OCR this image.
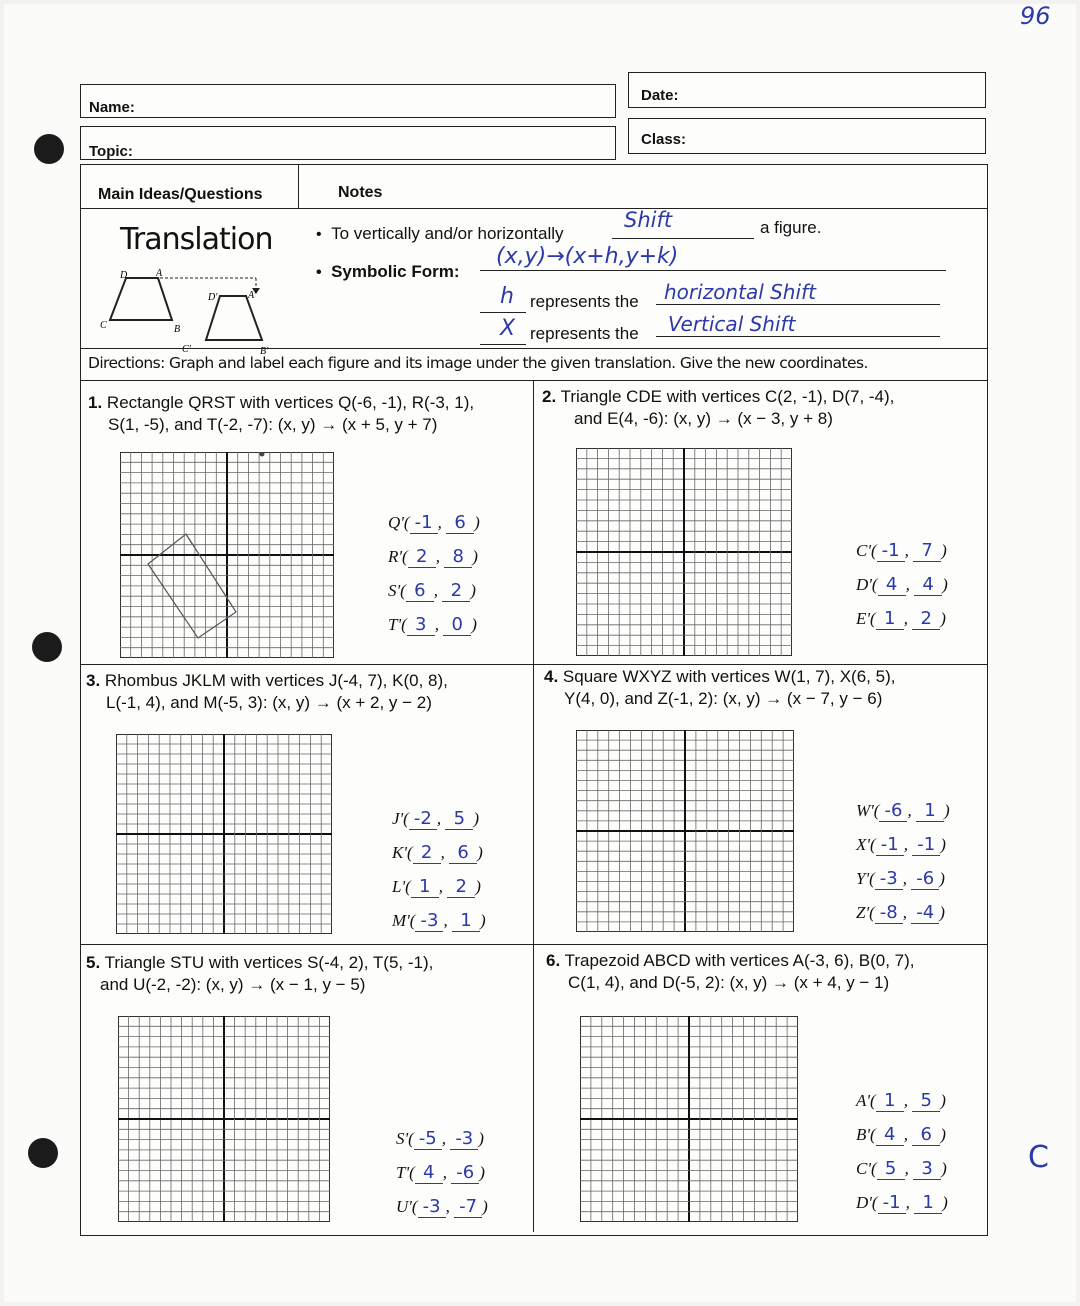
96
Name:
Topic:
Date:
Class:
Main Ideas/Questions	Notes
Translation
D	A
C	B
D'	A'
C'	B'
• To vertically and/or horizontally
Shift	a figure.
• Symbolic Form:
(x,y)→(x+h,y+k)
h represents the horizontal Shift
X represents the Vertical Shift
Directions: Graph and label each figure and its image under the given translation. Give the new coordinates.
1. Rectangle QRST with vertices Q(-6, -1), R(-3, 1),
S(1, -5), and T(-2, -7): (x, y) → (x + 5, y + 7)
2. Triangle CDE with vertices C(2, -1), D(7, -4),
and E(4, -6): (x, y) → (x − 3, y + 8)
3. Rhombus JKLM with vertices J(-4, 7), K(0, 8),
L(-1, 4), and M(-5, 3): (x, y) → (x + 2, y − 2)
4. Square WXYZ with vertices W(1, 7), X(6, 5),
Y(4, 0), and Z(-1, 2): (x, y) → (x − 7, y − 6)
5. Triangle STU with vertices S(-4, 2), T(5, -1),
and U(-2, -2): (x, y) → (x − 1, y − 5)
6. Trapezoid ABCD with vertices A(-3, 6), B(0, 7),
C(1, 4), and D(-5, 2): (x, y) → (x + 4, y − 1)
Q'( -1 , 6 )
R'( 2 , 8 )
S'( 6 , 2 )
T'( 3 , 0 )
C'( -1 , 7 )
D'( 4 , 4 )
E'( 1 , 2 )
J'( -2 , 5 )
K'( 2 , 6 )
L'( 1 , 2 )
M'( -3 , 1 )
W'( -6 , 1 )
X'( -1 , -1 )
Y'( -3 , -6 )
Z'( -8 , -4 )
S'( -5 , -3 )
T'( 4 , -6 )
U'( -3 , -7 )
A'( 1 , 5 )
B'( 4 , 6 )
C'( 5 , 3 )
D'( -1 , 1 )
C
